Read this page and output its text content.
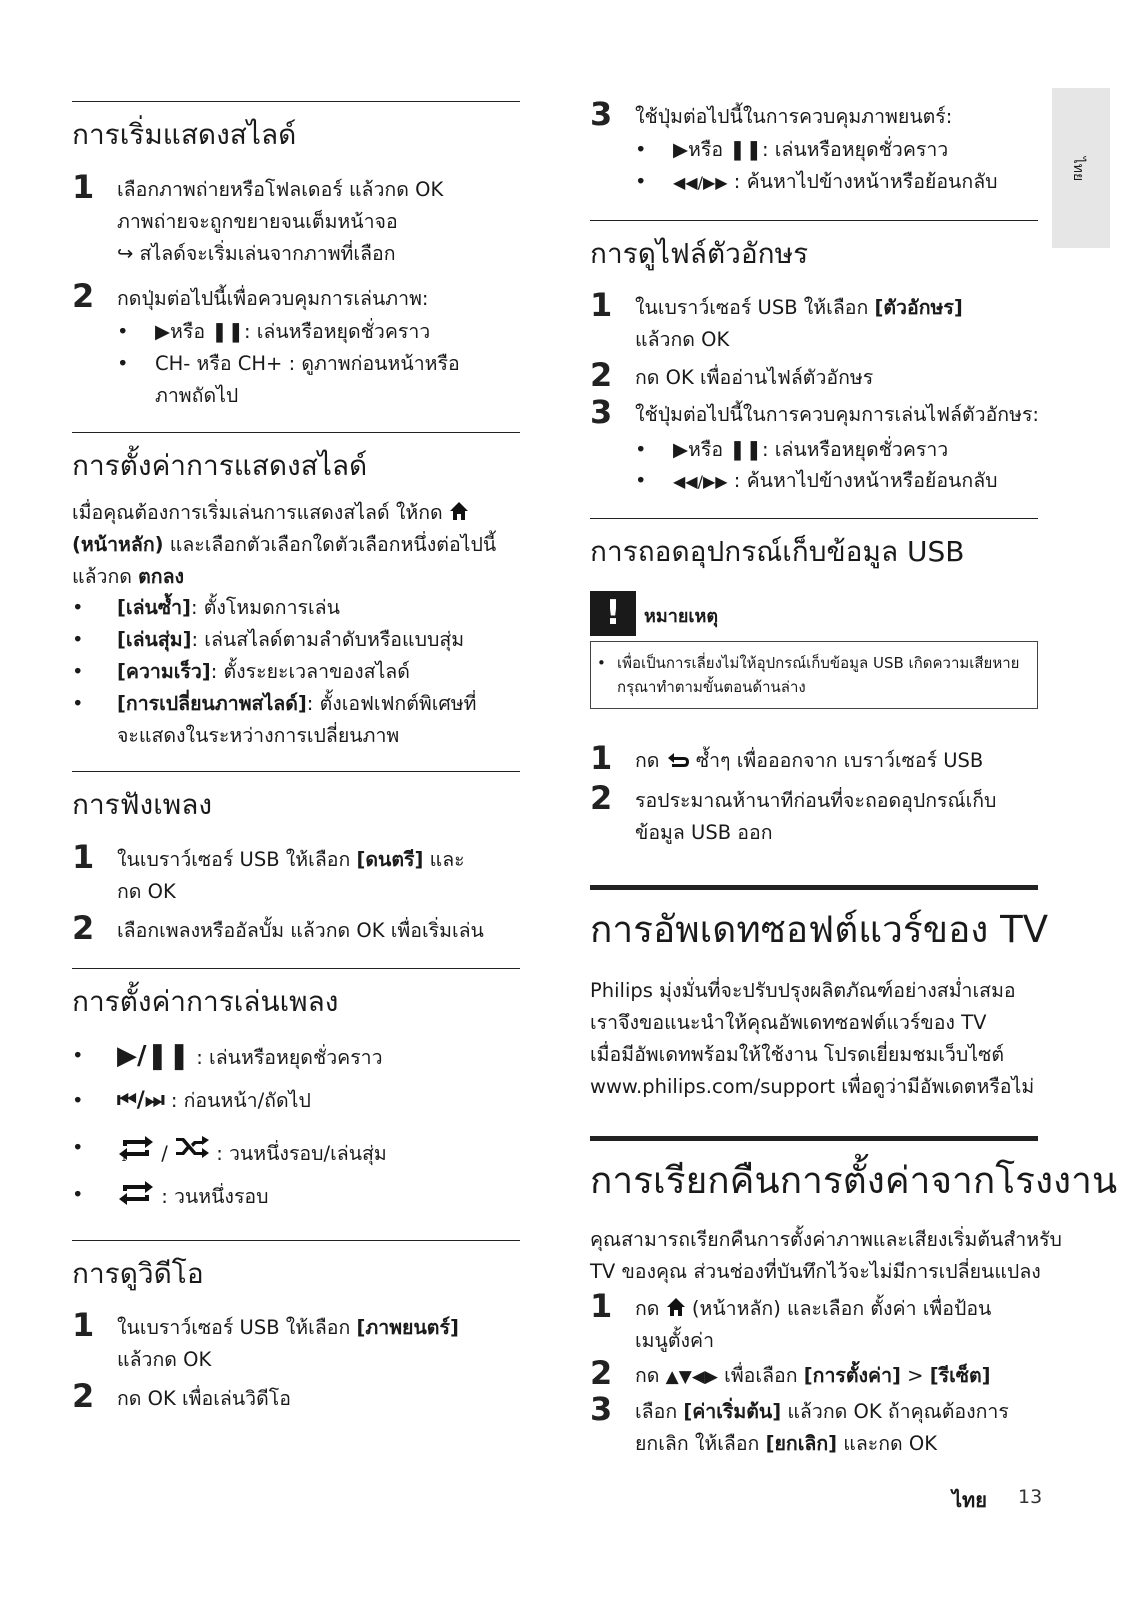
ไทย
การเริ่มแสดงสไลด์
1 เลือกภาพถ่ายหรือโฟลเดอร์ แล้วกด OK
ภาพถ่ายจะถูกขยายจนเต็มหน้าจอ
↪ สไลด์จะเริ่มเล่นจากภาพที่เลือก
2 กดปุ่มต่อไปนี้เพื่อควบคุมการเล่นภาพ:
• ▶หรือ ❚❚: เล่นหรือหยุดชั่วคราว
• CH- หรือ CH+ : ดูภาพก่อนหน้าหรือ
ภาพถัดไป
การตั้งค่าการแสดงสไลด์
เมื่อคุณต้องการเริ่มเล่นการแสดงสไลด์ ให้กด
(หน้าหลัก) และเลือกตัวเลือกใดตัวเลือกหนึ่งต่อไปนี้
แล้วกด ตกลง
• [เล่นซ้ำ]: ตั้งโหมดการเล่น
• [เล่นสุ่ม]: เล่นสไลด์ตามลำดับหรือแบบสุ่ม
• [ความเร็ว]: ตั้งระยะเวลาของสไลด์
• [การเปลี่ยนภาพสไลด์]: ตั้งเอฟเฟกต์พิเศษที่
จะแสดงในระหว่างการเปลี่ยนภาพ
การฟังเพลง
1 ในเบราว์เซอร์ USB ให้เลือก [ดนตรี] และ
กด OK
2 เลือกเพลงหรืออัลบั้ม แล้วกด OK เพื่อเริ่มเล่น
การตั้งค่าการเล่นเพลง
• ▶/❚❚ : เล่นหรือหยุดชั่วคราว
• ⏮/⏭ : ก่อนหน้า/ถัดไป
•	1 / : วนหนึ่งรอบ/เล่นสุ่ม
•	: วนหนึ่งรอบ
การดูวิดีโอ
1 ในเบราว์เซอร์ USB ให้เลือก [ภาพยนตร์]
แล้วกด OK
2 กด OK เพื่อเล่นวิดีโอ
3 ใช้ปุ่มต่อไปนี้ในการควบคุมภาพยนตร์:
• ▶หรือ ❚❚: เล่นหรือหยุดชั่วคราว
• ◀◀/▶▶ : ค้นหาไปข้างหน้าหรือย้อนกลับ
การดูไฟล์ตัวอักษร
1 ในเบราว์เซอร์ USB ให้เลือก [ตัวอักษร]
แล้วกด OK
2 กด OK เพื่ออ่านไฟล์ตัวอักษร
3 ใช้ปุ่มต่อไปนี้ในการควบคุมการเล่นไฟล์ตัวอักษร:
• ▶หรือ ❚❚: เล่นหรือหยุดชั่วคราว
• ◀◀/▶▶ : ค้นหาไปข้างหน้าหรือย้อนกลับ
การถอดอุปกรณ์เก็บข้อมูล USB
!	หมายเหตุ
• เพื่อเป็นการเลี่ยงไม่ให้อุปกรณ์เก็บข้อมูล USB เกิดความเสียหาย
กรุณาทำตามขั้นตอนด้านล่าง
1 กด  ซ้ำๆ เพื่อออกจาก เบราว์เซอร์ USB
2 รอประมาณห้านาทีก่อนที่จะถอดอุปกรณ์เก็บ
ข้อมูล USB ออก
การอัพเดทซอฟต์แวร์ของ TV
Philips มุ่งมั่นที่จะปรับปรุงผลิตภัณฑ์อย่างสม่ำเสมอ
เราจึงขอแนะนำให้คุณอัพเดทซอฟต์แวร์ของ TV
เมื่อมีอัพเดทพร้อมให้ใช้งาน โปรดเยี่ยมชมเว็บไซต์
www.philips.com/support เพื่อดูว่ามีอัพเดตหรือไม่
การเรียกคืนการตั้งค่าจากโรงงาน
คุณสามารถเรียกคืนการตั้งค่าภาพและเสียงเริ่มต้นสำหรับ
TV ของคุณ ส่วนช่องที่บันทึกไว้จะไม่มีการเปลี่ยนแปลง
1 กด  (หน้าหลัก) และเลือก ตั้งค่า เพื่อป้อน
เมนูตั้งค่า
2 กด ▲▼◀▶ เพื่อเลือก [การตั้งค่า] > [รีเซ็ต]
3 เลือก [ค่าเริ่มต้น] แล้วกด OK ถ้าคุณต้องการ
ยกเลิก ให้เลือก [ยกเลิก] และกด OK
ไทย 13
